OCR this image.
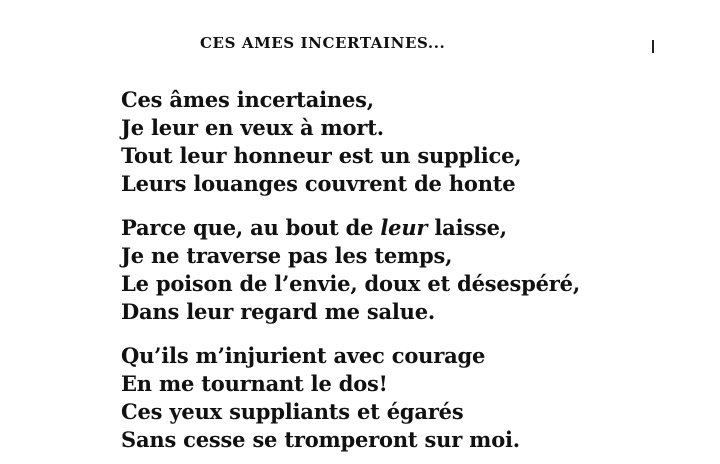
CES AMES INCERTAINES...
Ces âmes incertaines,
Je leur en veux à mort.
Tout leur honneur est un supplice,
Leurs louanges couvrent de honte
Parce que, au bout de leur laisse,
Je ne traverse pas les temps,
Le poison de l’envie, doux et désespéré,
Dans leur regard me salue.
Qu’ils m’injurient avec courage
En me tournant le dos!
Ces yeux suppliants et égarés
Sans cesse se tromperont sur moi.
